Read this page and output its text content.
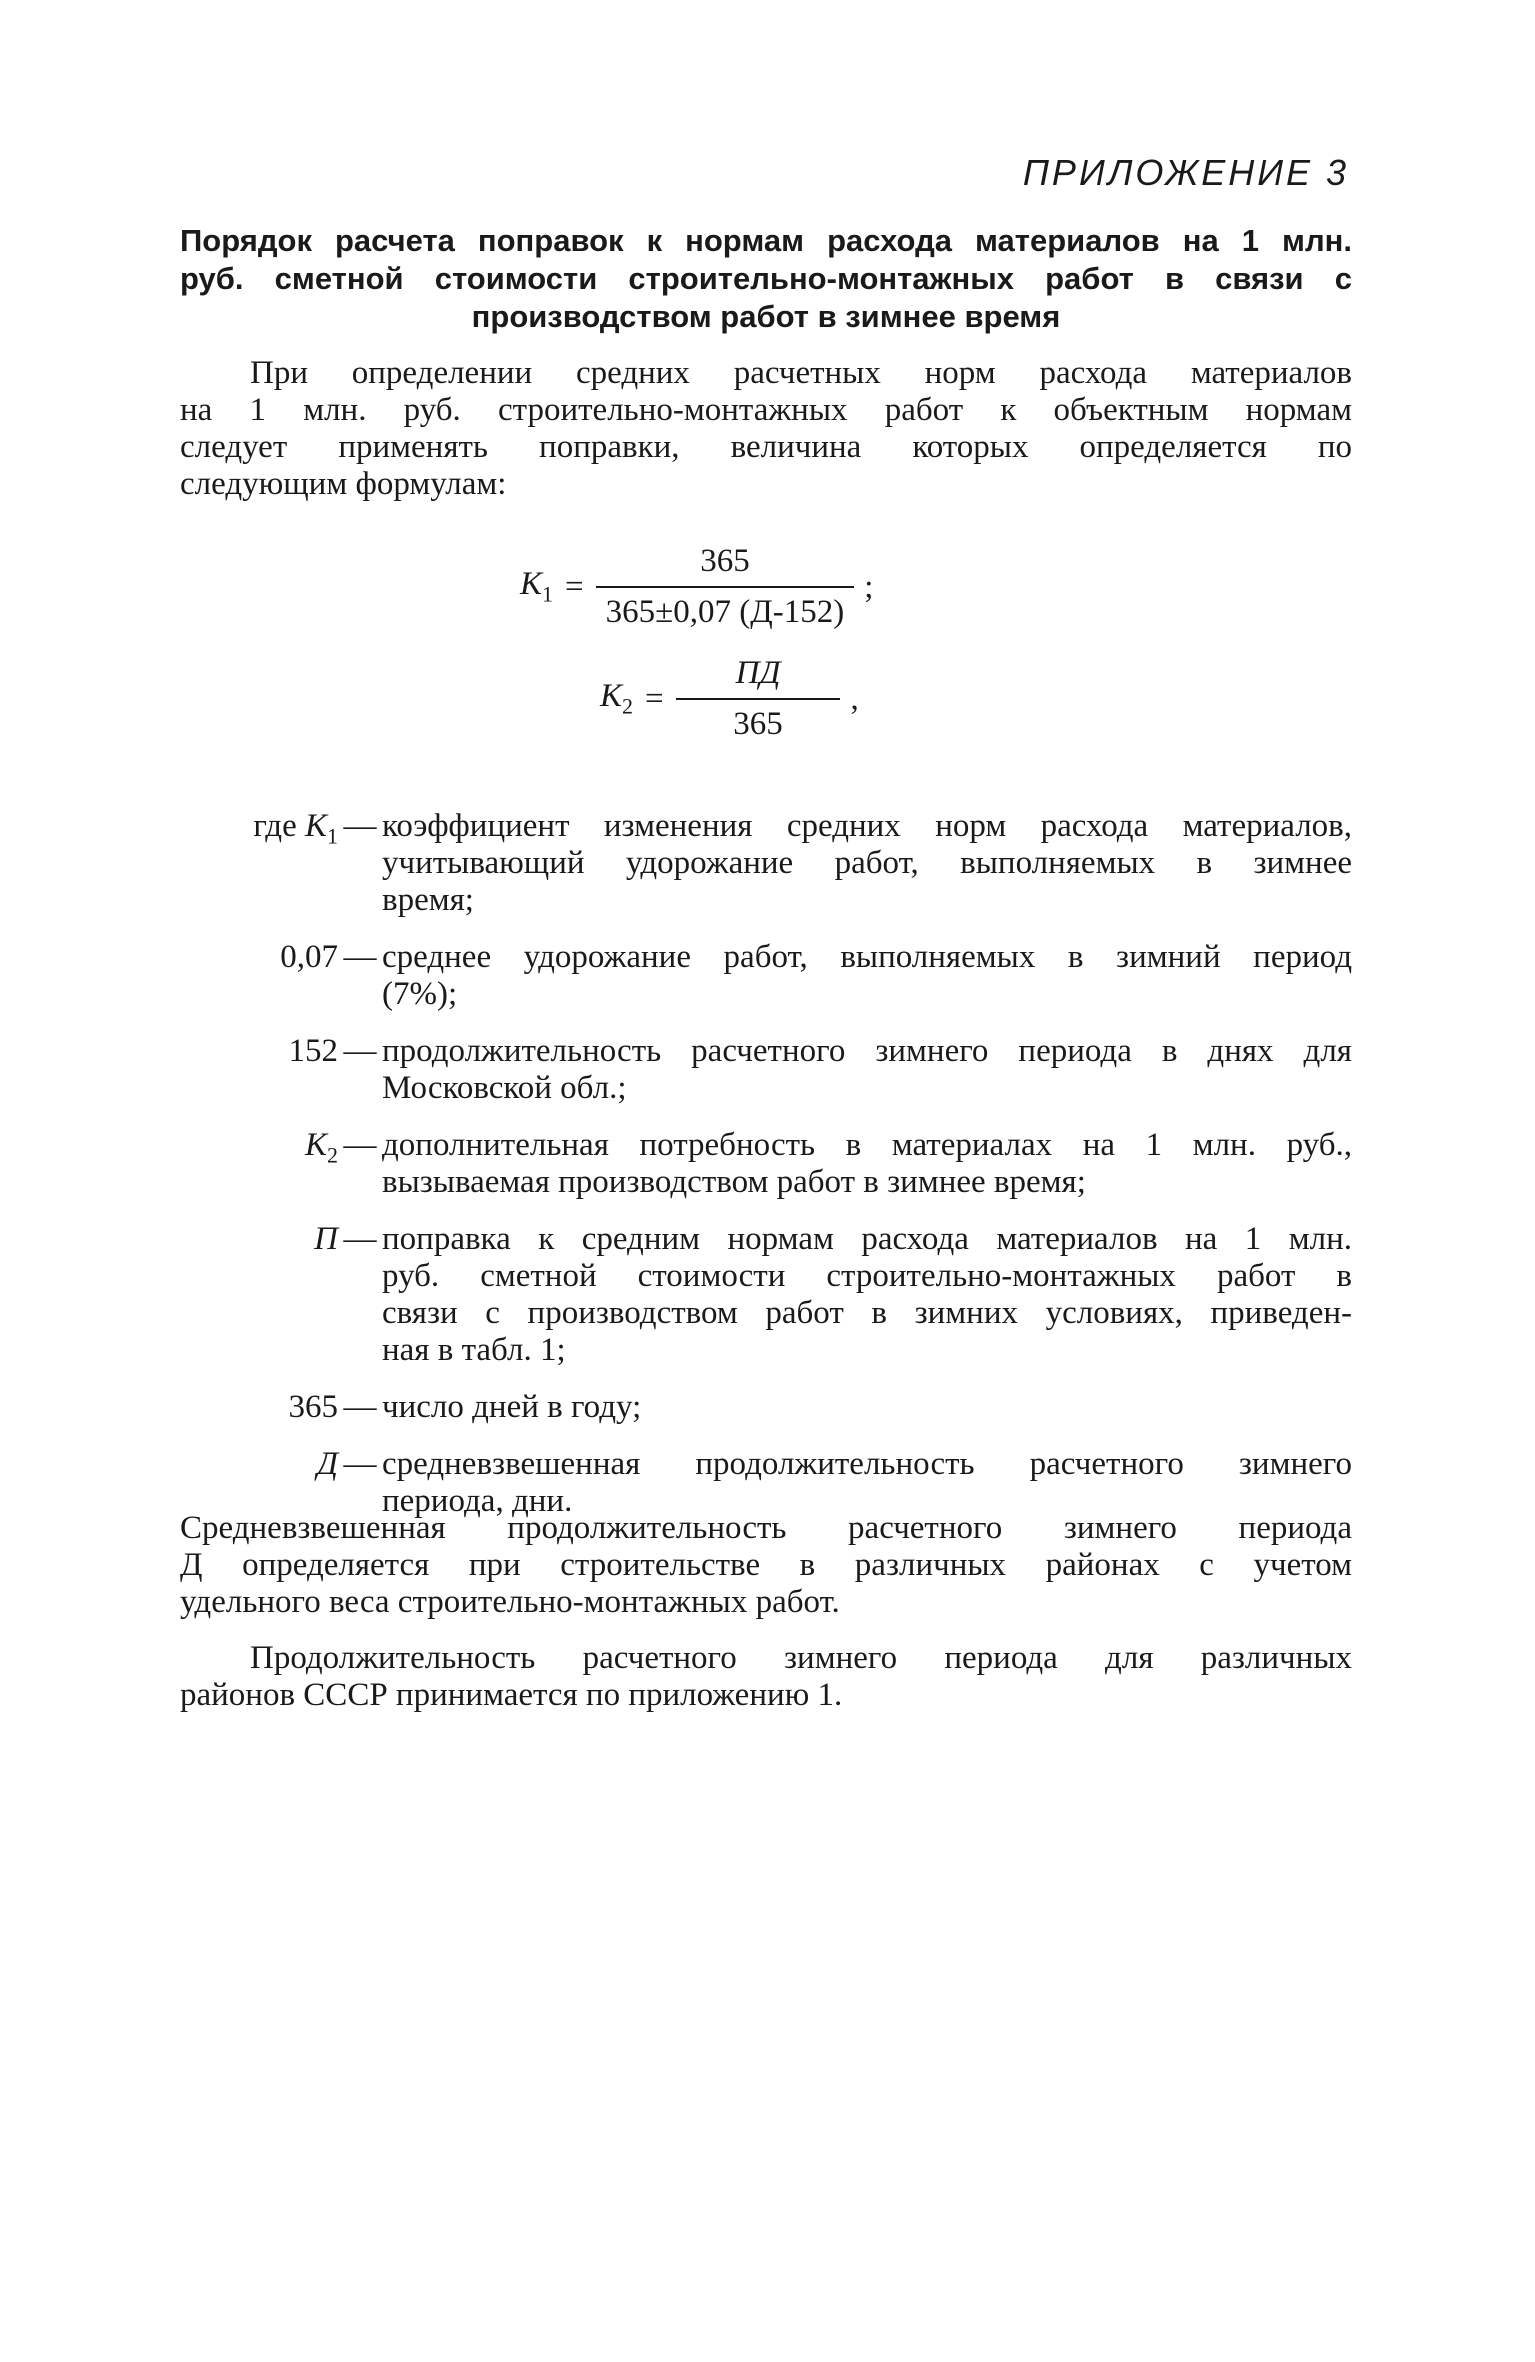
ПРИЛОЖЕНИЕ 3
Порядок расчета поправок к нормам расхода материалов на 1 млн.
руб. сметной стоимости строительно-монтажных работ в связи с
производством работ в зимнее время
При определении средних расчетных норм расхода материалов
на 1 млн. руб. строительно-монтажных работ к объектным нормам
следует применять поправки, величина которых определяется по
следующим формулам:
$K_1 = \frac{365}{365\pm 0,07 (Д-152)}$ ;
$K_2 = \frac{ПД}{365}$ ,
где $K_1$ — коэффициент изменения средних норм расхода материалов,
учитывающий удорожание работ, выполняемых в зимнее
время;
0,07 — среднее удорожание работ, выполняемых в зимний период
(7%);
152 — продолжительность расчетного зимнего периода в днях для
Московской обл.;
$K_2$ — дополнительная потребность в материалах на 1 млн. руб.,
вызываемая производством работ в зимнее время;
П — поправка к средним нормам расхода материалов на 1 млн.
руб. сметной стоимости строительно-монтажных работ в
связи с производством работ в зимних условиях, приведен-
ная в табл. 1;
365 — число дней в году;
Д — средневзвешенная продолжительность расчетного зимнего
периода, дни.
Средневзвешенная продолжительность расчетного зимнего периода
Д определяется при строительстве в различных районах с учетом
удельного веса строительно-монтажных работ.
Продолжительность расчетного зимнего периода для различных
районов СССР принимается по приложению 1.
